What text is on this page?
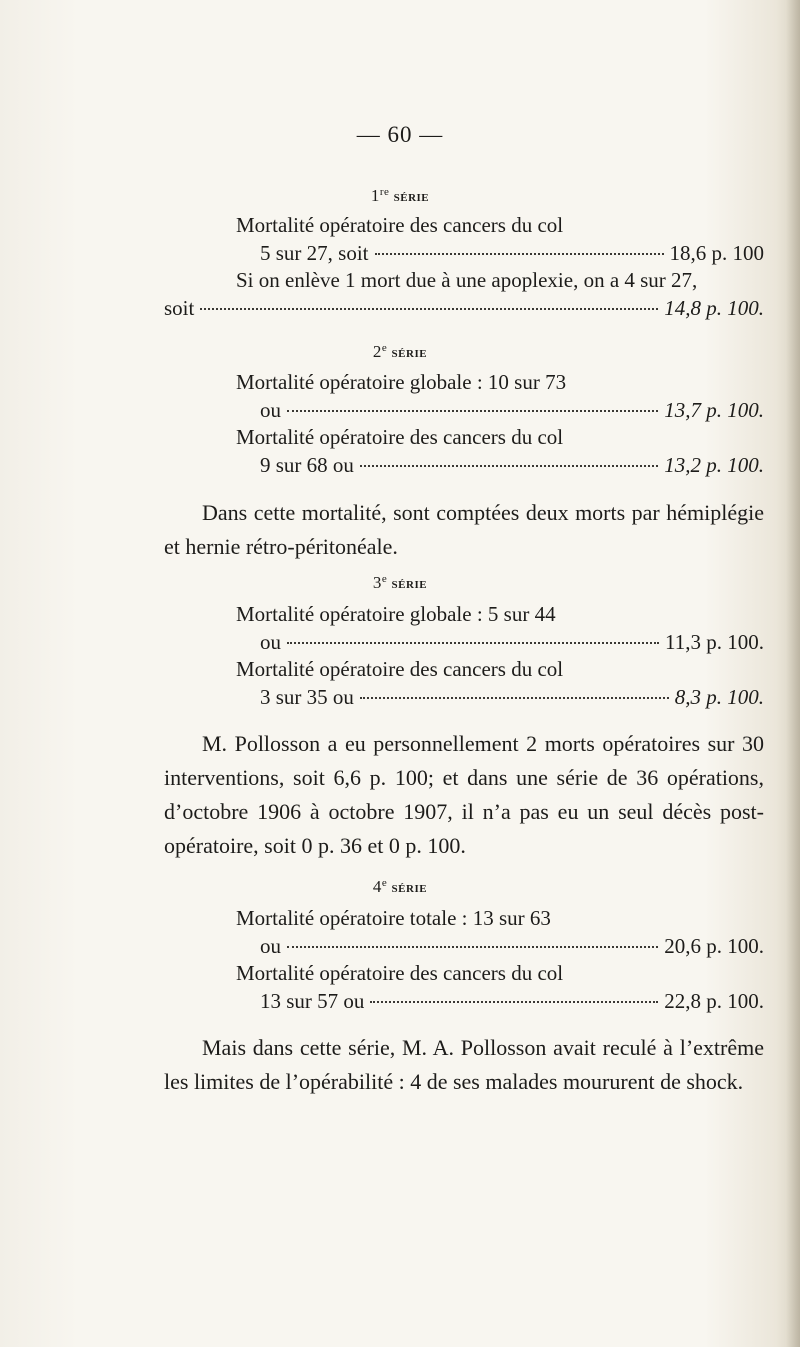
— 60 —
1re série
Mortalité opératoire des cancers du col
5 sur 27, soit	18,6 p. 100
Si on enlève 1 mort due à une apoplexie, on a 4 sur 27,
soit	14,8 p. 100.
2e série
Mortalité opératoire globale : 10 sur 73
ou	13,7 p. 100.
Mortalité opératoire des cancers du col
9 sur 68 ou	13,2 p. 100.
Dans cette mortalité, sont comptées deux morts par hémiplégie et hernie rétro-péritonéale.
3e série
Mortalité opératoire globale : 5 sur 44
ou	11,3 p. 100.
Mortalité opératoire des cancers du col
3 sur 35 ou	8,3 p. 100.
M. Pollosson a eu personnellement 2 morts opératoires sur 30 interventions, soit 6,6 p. 100; et dans une série de 36 opérations, d’octobre 1906 à octobre 1907, il n’a pas eu un seul décès post-opératoire, soit 0 p. 36 et 0 p. 100.
4e série
Mortalité opératoire totale : 13 sur 63
ou	20,6 p. 100.
Mortalité opératoire des cancers du col
13 sur 57 ou	22,8 p. 100.
Mais dans cette série, M. A. Pollosson avait reculé à l’extrême les limites de l’opérabilité : 4 de ses malades moururent de shock.
